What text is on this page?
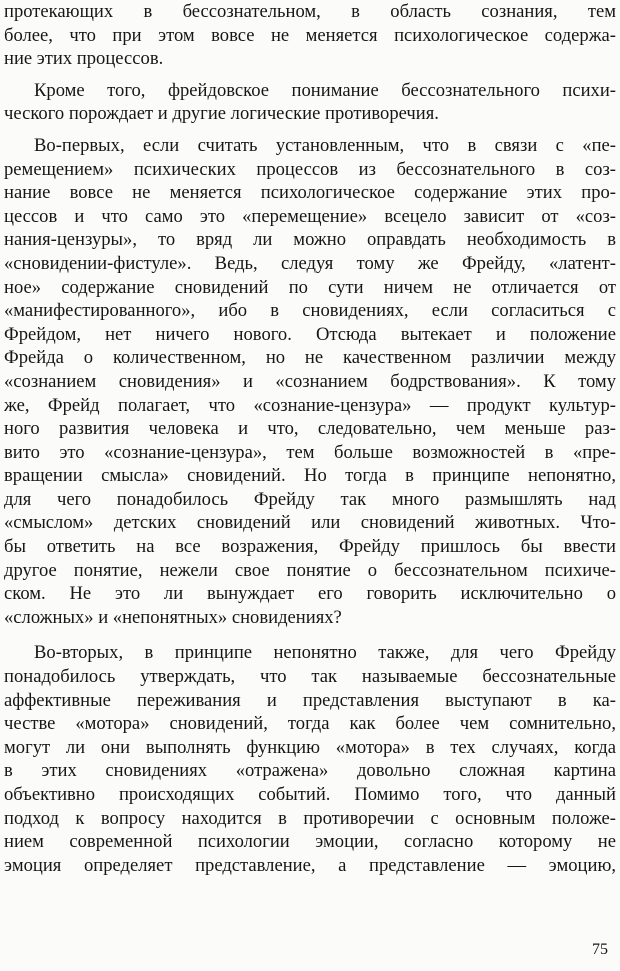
протекающих в бессознательном, в область сознания, тем
более, что при этом вовсе не меняется психологическое содержа-
ние этих процессов.
Кроме того, фрейдовское понимание бессознательного психи-
ческого порождает и другие логические противоречия.
Во-первых, если считать установленным, что в связи с «пе-
ремещением» психических процессов из бессознательного в соз-
нание вовсе не меняется психологическое содержание этих про-
цессов и что само это «перемещение» всецело зависит от «соз-
нания-цензуры», то вряд ли можно оправдать необходимость в
«сновидении-фистуле». Ведь, следуя тому же Фрейду, «латент-
ное» содержание сновидений по сути ничем не отличается от
«манифестированного», ибо в сновидениях, если согласиться с
Фрейдом, нет ничего нового. Отсюда вытекает и положение
Фрейда о количественном, но не качественном различии между
«сознанием сновидения» и «сознанием бодрствования». К тому
же, Фрейд полагает, что «сознание-цензура» — продукт культур-
ного развития человека и что, следовательно, чем меньше раз-
вито это «сознание-цензура», тем больше возможностей в «пре-
вращении смысла» сновидений. Но тогда в принципе непонятно,
для чего понадобилось Фрейду так много размышлять над
«смыслом» детских сновидений или сновидений животных. Что-
бы ответить на все возражения, Фрейду пришлось бы ввести
другое понятие, нежели свое понятие о бессознательном психиче-
ском. Не это ли вынуждает его говорить исключительно о
«сложных» и «непонятных» сновидениях?
Во-вторых, в принципе непонятно также, для чего Фрейду
понадобилось утверждать, что так называемые бессознательные
аффективные переживания и представления выступают в ка-
честве «мотора» сновидений, тогда как более чем сомнительно,
могут ли они выполнять функцию «мотора» в тех случаях, когда
в этих сновидениях «отражена» довольно сложная картина
объективно происходящих событий. Помимо того, что данный
подход к вопросу находится в противоречии с основным положе-
нием современной психологии эмоции, согласно которому не
эмоция определяет представление, а представление — эмоцию,
75
